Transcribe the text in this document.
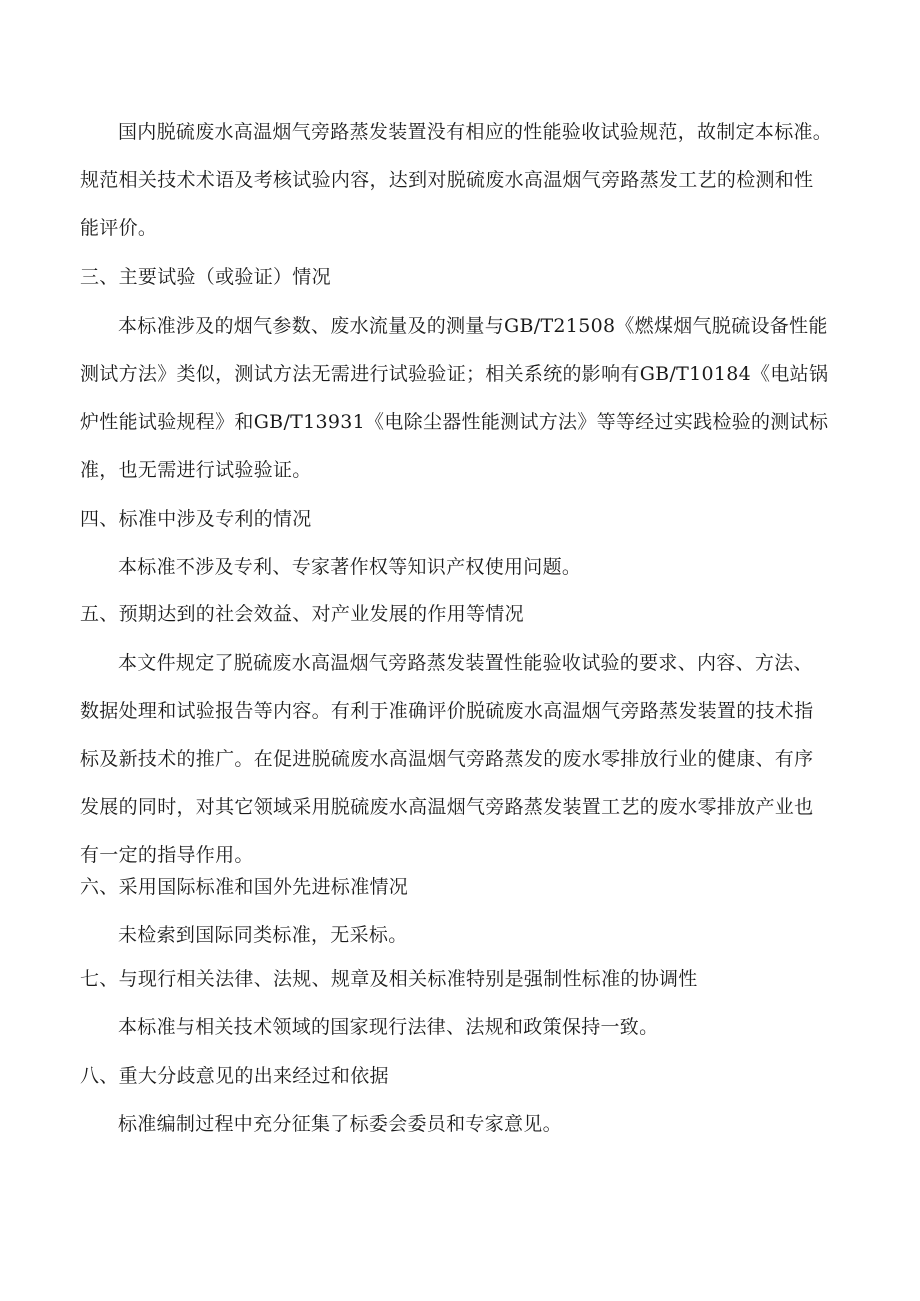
国内脱硫废水高温烟气旁路蒸发装置没有相应的性能验收试验规范，故制定本标准。
规范相关技术术语及考核试验内容，达到对脱硫废水高温烟气旁路蒸发工艺的检测和性
能评价。
三、主要试验（或验证）情况
本标准涉及的烟气参数、废水流量及的测量与GB/T21508《燃煤烟气脱硫设备性能
测试方法》类似，测试方法无需进行试验验证；相关系统的影响有GB/T10184《电站锅
炉性能试验规程》和GB/T13931《电除尘器性能测试方法》等等经过实践检验的测试标
准，也无需进行试验验证。
四、标准中涉及专利的情况
本标准不涉及专利、专家著作权等知识产权使用问题。
五、预期达到的社会效益、对产业发展的作用等情况
本文件规定了脱硫废水高温烟气旁路蒸发装置性能验收试验的要求、内容、方法、
数据处理和试验报告等内容。有利于准确评价脱硫废水高温烟气旁路蒸发装置的技术指
标及新技术的推广。在促进脱硫废水高温烟气旁路蒸发的废水零排放行业的健康、有序
发展的同时，对其它领域采用脱硫废水高温烟气旁路蒸发装置工艺的废水零排放产业也
有一定的指导作用。
六、采用国际标准和国外先进标准情况
未检索到国际同类标准，无采标。
七、与现行相关法律、法规、规章及相关标准特别是强制性标准的协调性
本标准与相关技术领域的国家现行法律、法规和政策保持一致。
八、重大分歧意见的出来经过和依据
标准编制过程中充分征集了标委会委员和专家意见。
